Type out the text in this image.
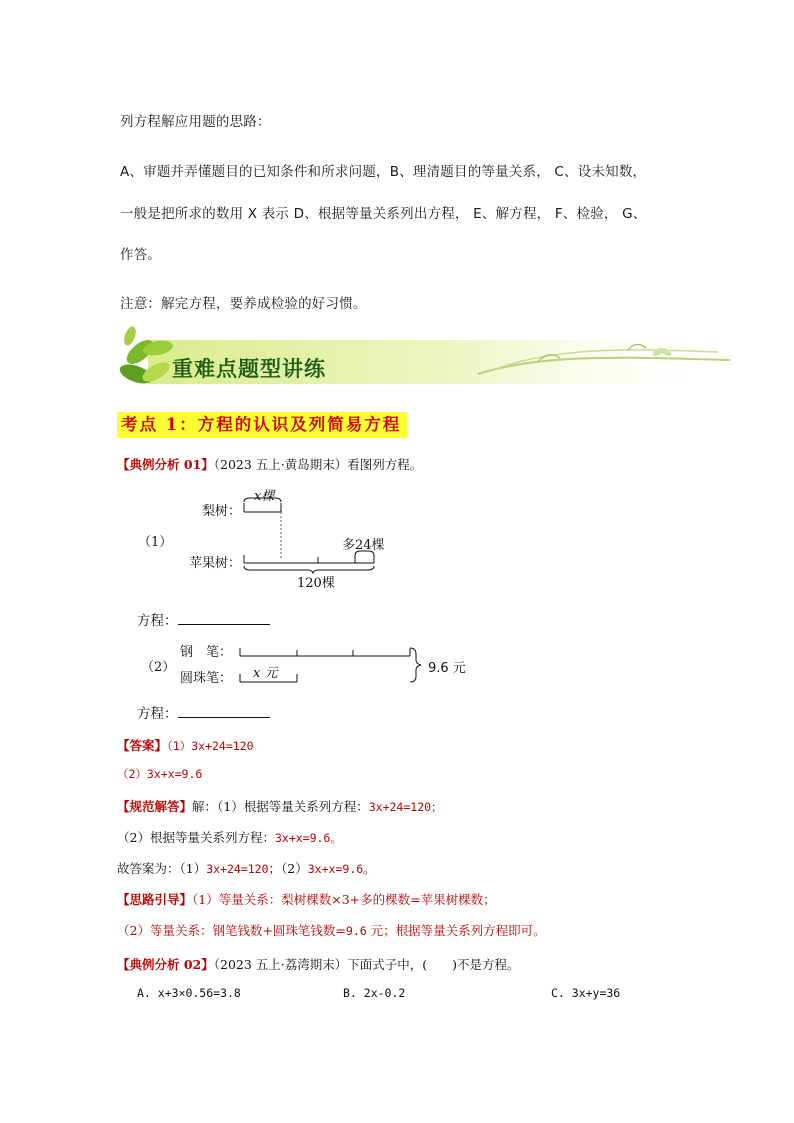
列方程解应用题的思路：
A、审题并弄懂题目的已知条件和所求问题，B、理清题目的等量关系， C、设未知数，
一般是把所求的数用 X 表示 D、根据等量关系列出方程， E、解方程， F、检验， G、
作答。
注意：解完方程，要养成检验的好习惯。
重难点题型讲练
考点 1：方程的认识及列简易方程
【典例分析 01】（2023 五上·黄岛期末）看图列方程。
x棵
梨树：
（1）	多24棵
苹果树：
120棵
方程：
钢　笔：
（2）	x 元	9.6 元
圆珠笔：
方程：
【答案】（1）3x+24=120
（2）3x+x=9.6
【规范解答】解：（1）根据等量关系列方程：3x+24=120；
（2）根据等量关系列方程：3x+x=9.6。
故答案为：（1）3x+24=120；（2）3x+x=9.6。
【思路引导】（1）等量关系：梨树棵数×3+多的棵数=苹果树棵数；
（2）等量关系：钢笔钱数+圆珠笔钱数=9.6 元；根据等量关系列方程即可。
【典例分析 02】（2023 五上·荔湾期末）下面式子中，(　　)不是方程。
A. x+3×0.56=3.8	B. 2x-0.2	C. 3x+y=36
